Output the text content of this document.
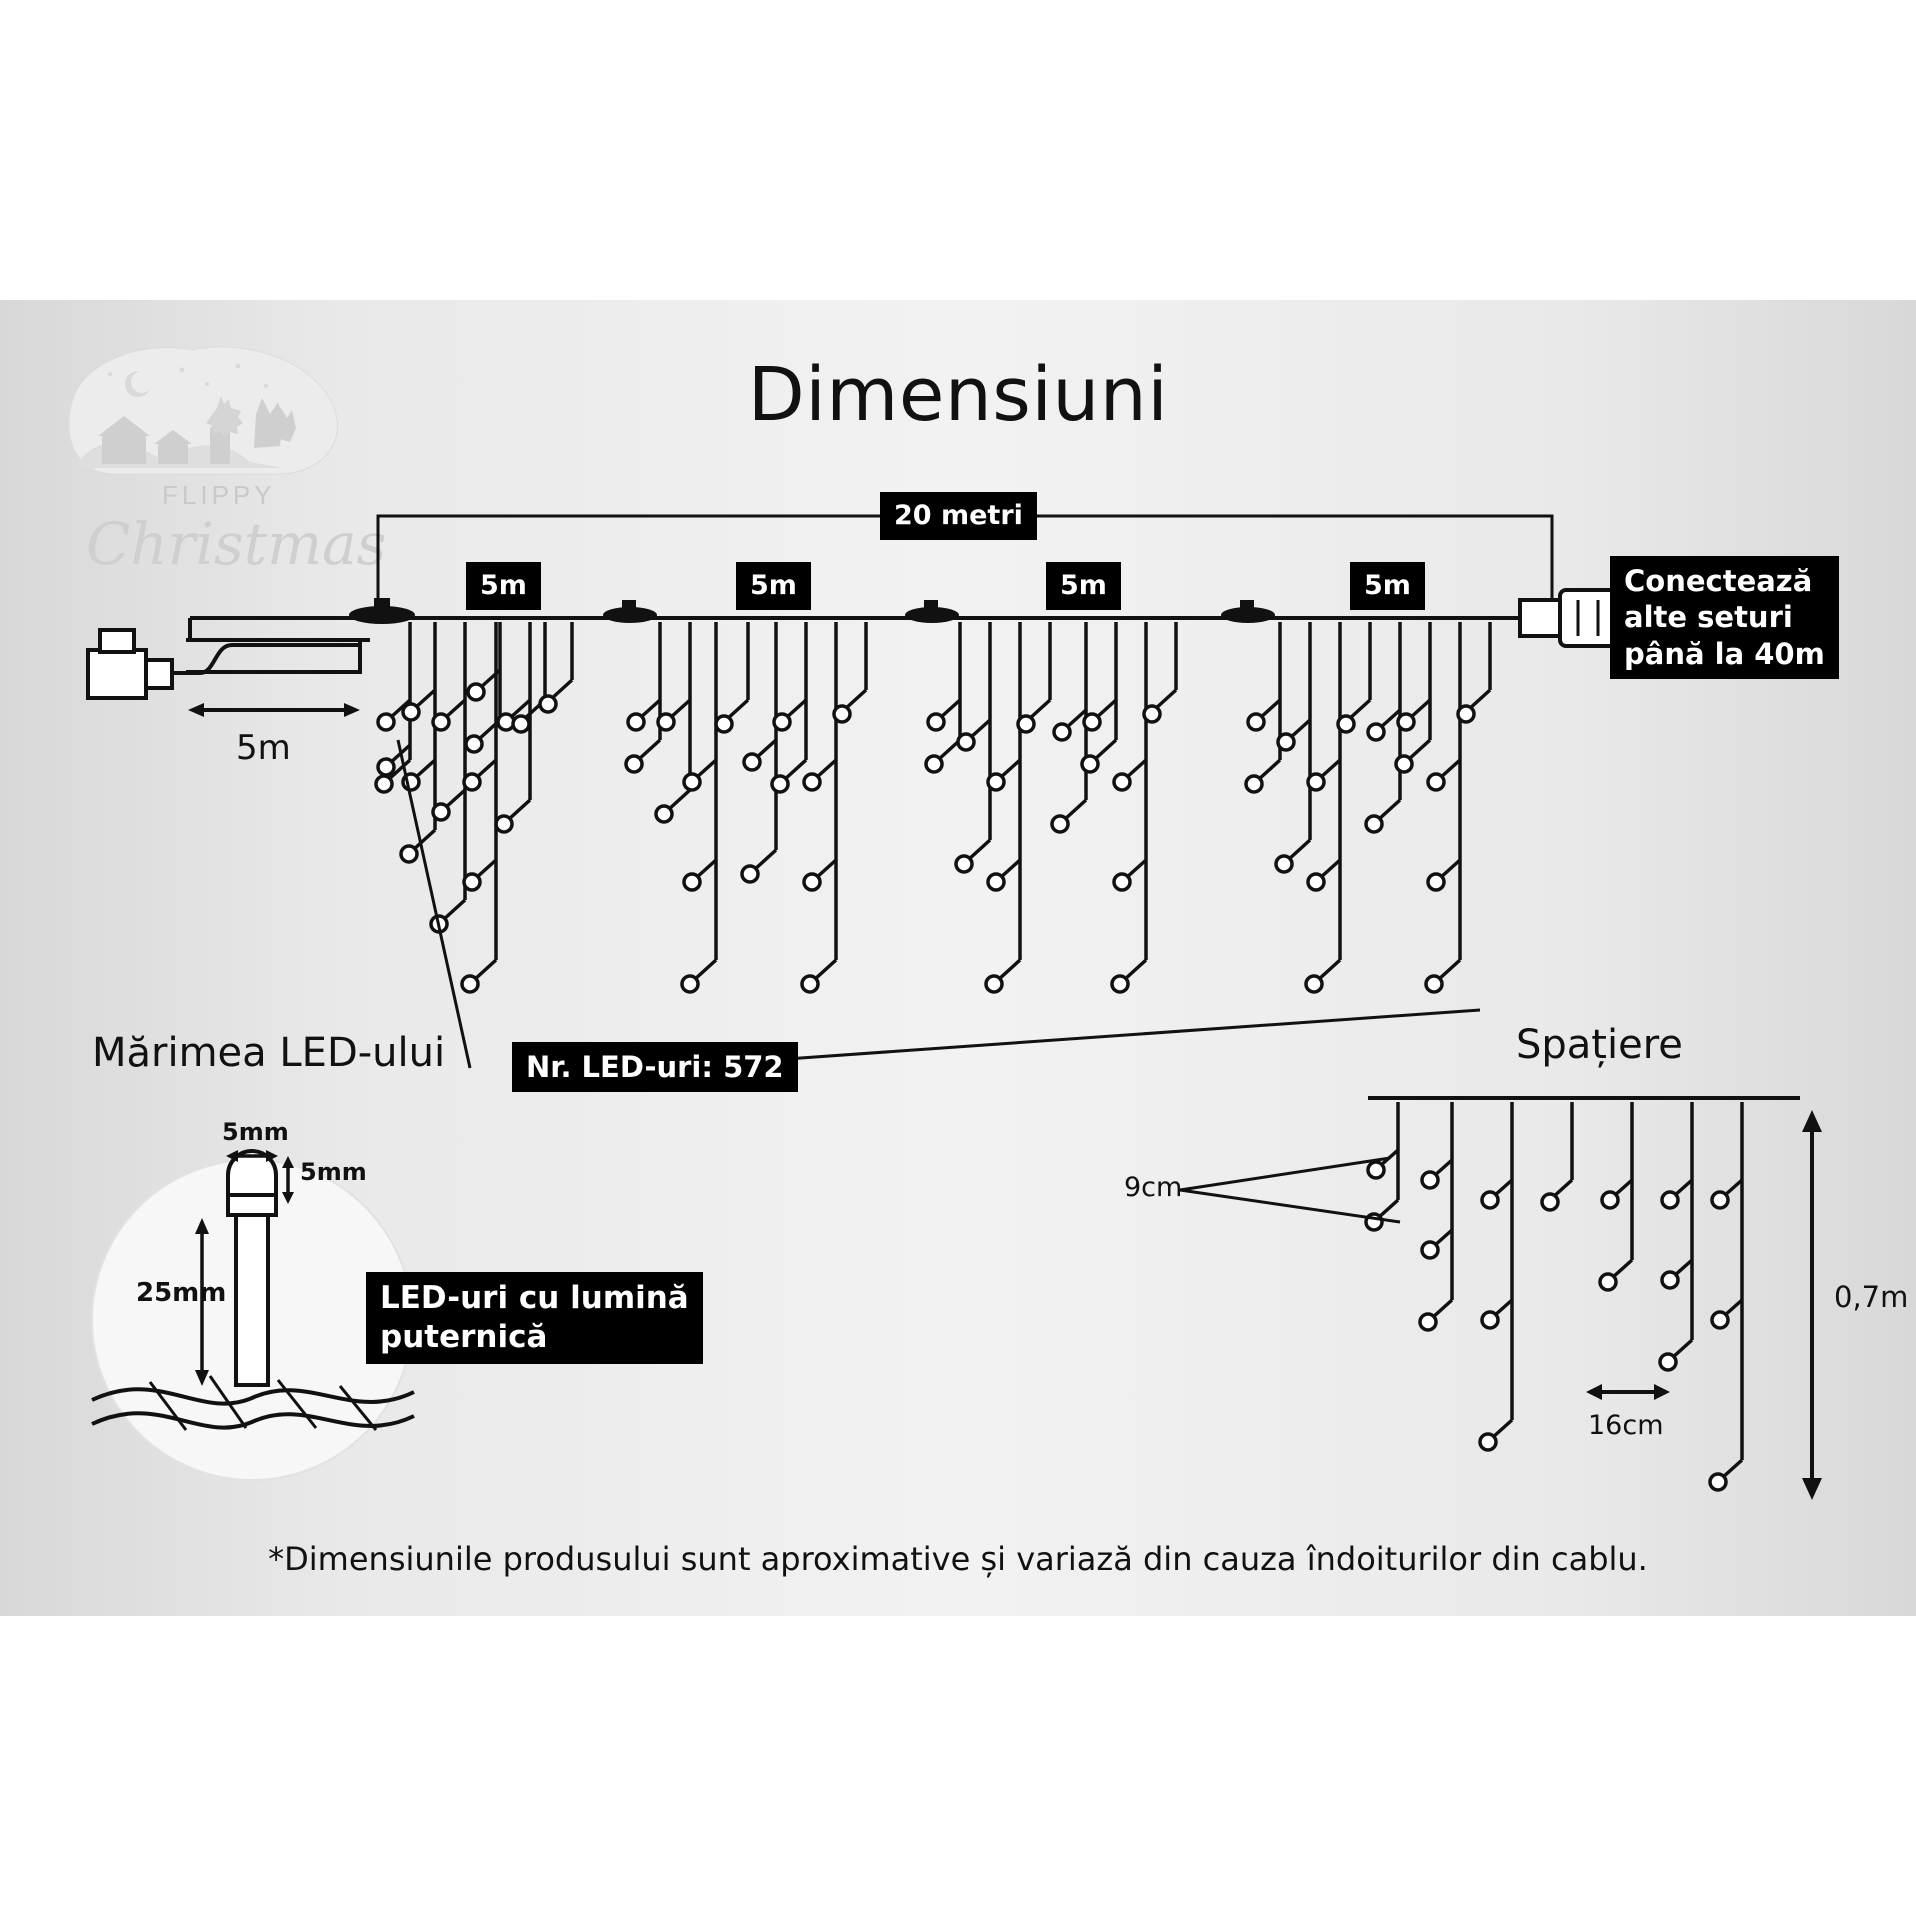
FLIPPY
Christmas
Dimensiuni
20 metri
5m	5m	5m	5m	Conectează
alte seturi
până la 40m
5m
Nr. LED-uri: 572
Mărimea LED-ului
5mm
5mm
25mm	LED-uri cu lumină
puternică
Spațiere
9cm
16cm
0,7m
*Dimensiunile produsului sunt aproximative și variază din cauza îndoiturilor din cablu.
